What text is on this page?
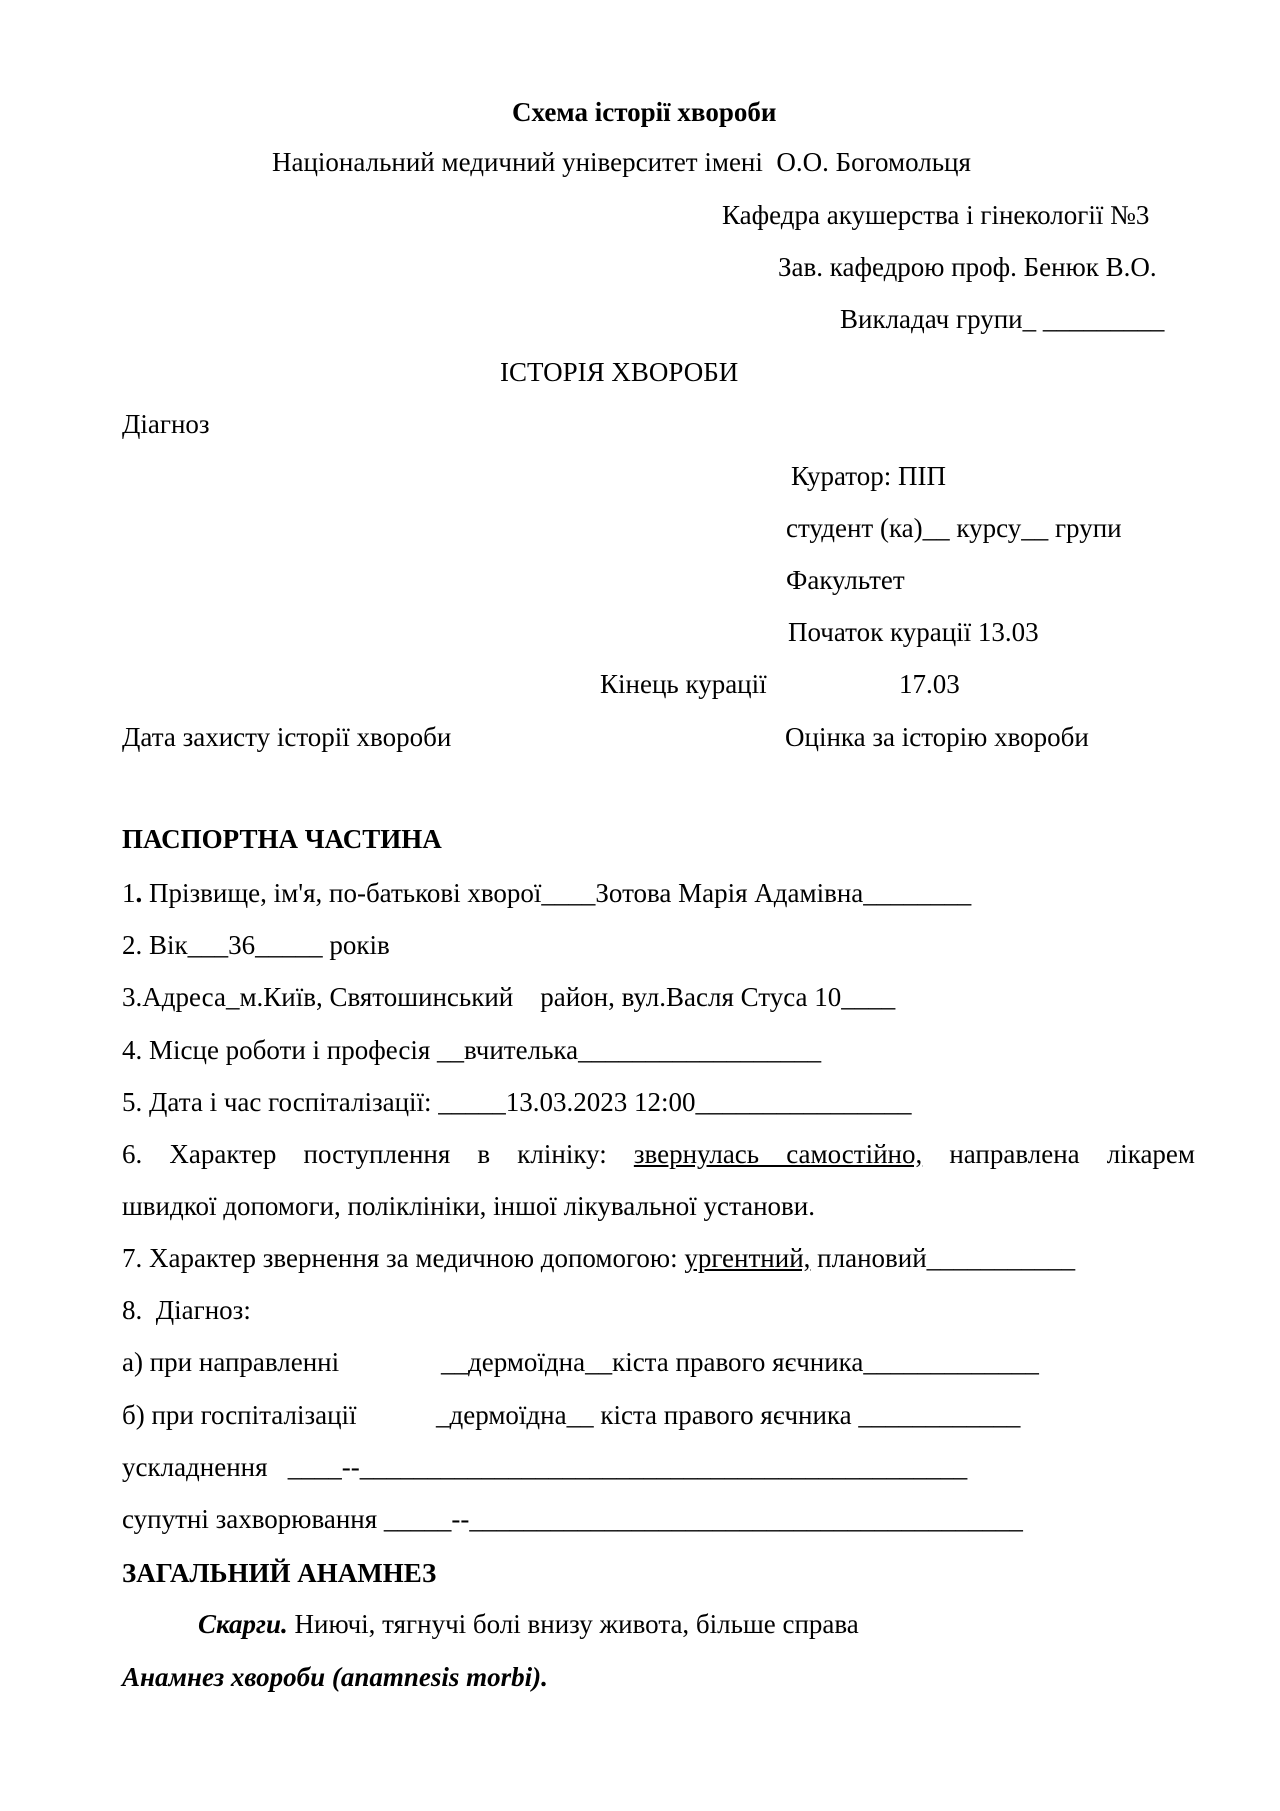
Схема історії хвороби
Національний медичний університет імені  О.О. Богомольця
Кафедра акушерства і гінекології №3
Зав. кафедрою проф. Бенюк В.О.
Викладач групи_ _________
ІСТОРІЯ ХВОРОБИ
Діагноз
Куратор: ПІП
студент (ка)__ курсу__ групи
Факультет
Початок курації 13.03
Кінець курації	17.03
Дата захисту історії хвороби	Оцінка за історію хвороби
ПАСПОРТНА ЧАСТИНА
1. Прізвище, ім'я, по-батькові хворої____Зотова Марія Адамівна________
2. Вік___36_____ років
3.Адреса_м.Київ, Святошинський    район, вул.Васля Стуса 10____
4. Місце роботи і професія __вчителька__________________
5. Дата і час госпіталізації: _____13.03.2023 12:00________________
6. Характер поступлення в клініку: звернулась самостійно, направлена лікарем
швидкої допомоги, поліклініки, іншої лікувальної установи.
7. Характер звернення за медичною допомогою: ургентний, плановий___________
8.  Діагноз:
а) при направленні	__дермоїдна__кіста правого яєчника_____________
б) при госпіталізації	_дермоїдна__ кіста правого яєчника ____________
ускладнення   ____--_____________________________________________
супутні захворювання _____--_________________________________________
ЗАГАЛЬНИЙ АНАМНЕЗ
Скарги. Ниючі, тягнучі болі внизу живота, більше справа
Анамнез хвороби (anamnesis morbi).
